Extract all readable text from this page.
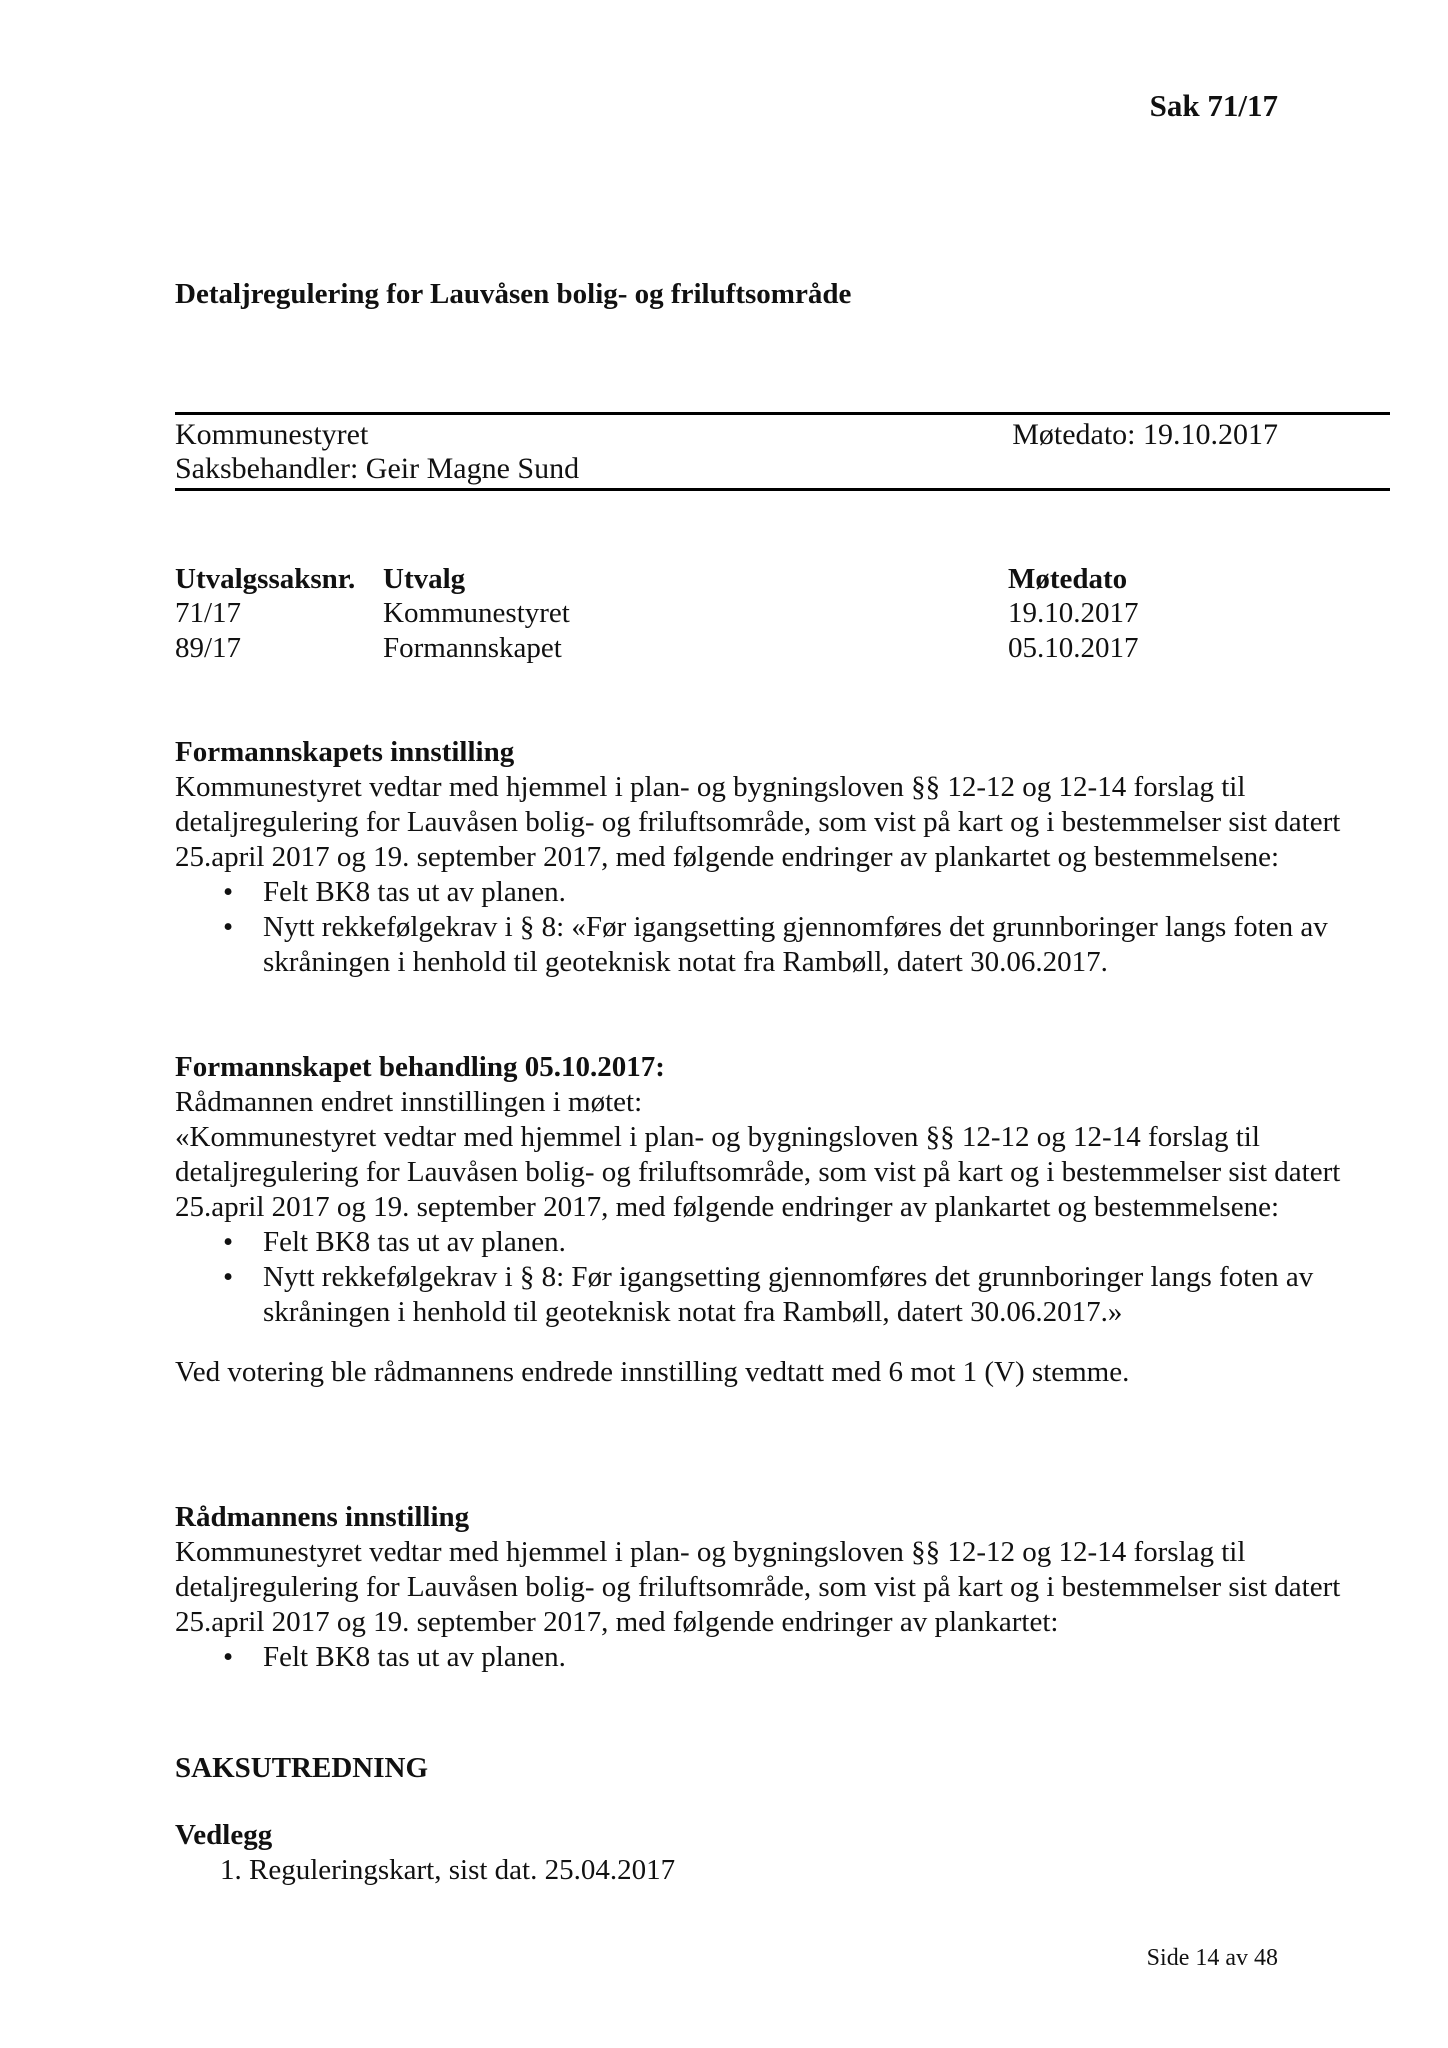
Sak 71/17
Detaljregulering for Lauvåsen bolig- og friluftsområde
Kommunestyret	Møtedato: 19.10.2017
Saksbehandler: Geir Magne Sund
Utvalgssaksnr. Utvalg	Møtedato
71/17	Kommunestyret	19.10.2017
89/17	Formannskapet	05.10.2017
Formannskapets innstilling

Kommunestyret vedtar med hjemmel i plan- og bygningsloven §§ 12-12 og 12-14 forslag til detaljregulering for Lauvåsen bolig- og friluftsområde, som vist på kart og i bestemmelser sist datert 25.april 2017 og 19. september 2017, med følgende endringer av plankartet og bestemmelsene:

• Felt BK8 tas ut av planen.
• Nytt rekkefølgekrav i § 8: «Før igangsetting gjennomføres det grunnboringer langs foten av skråningen i henhold til geoteknisk notat fra Rambøll, datert 30.06.2017.
Formannskapet behandling 05.10.2017:

Rådmannen endret innstillingen i møtet:

«Kommunestyret vedtar med hjemmel i plan- og bygningsloven §§ 12-12 og 12-14 forslag til detaljregulering for Lauvåsen bolig- og friluftsområde, som vist på kart og i bestemmelser sist datert 25.april 2017 og 19. september 2017, med følgende endringer av plankartet og bestemmelsene:

• Felt BK8 tas ut av planen.
• Nytt rekkefølgekrav i § 8: Før igangsetting gjennomføres det grunnboringer langs foten av skråningen i henhold til geoteknisk notat fra Rambøll, datert 30.06.2017.»

Ved votering ble rådmannens endrede innstilling vedtatt med 6 mot 1 (V) stemme.

Rådmannens innstilling

Kommunestyret vedtar med hjemmel i plan- og bygningsloven §§ 12-12 og 12-14 forslag til detaljregulering for Lauvåsen bolig- og friluftsområde, som vist på kart og i bestemmelser sist datert 25.april 2017 og 19. september 2017, med følgende endringer av plankartet:

• Felt BK8 tas ut av planen.
SAKSUTREDNING
Vedlegg
1. Reguleringskart, sist dat. 25.04.2017
Side 14 av 48
